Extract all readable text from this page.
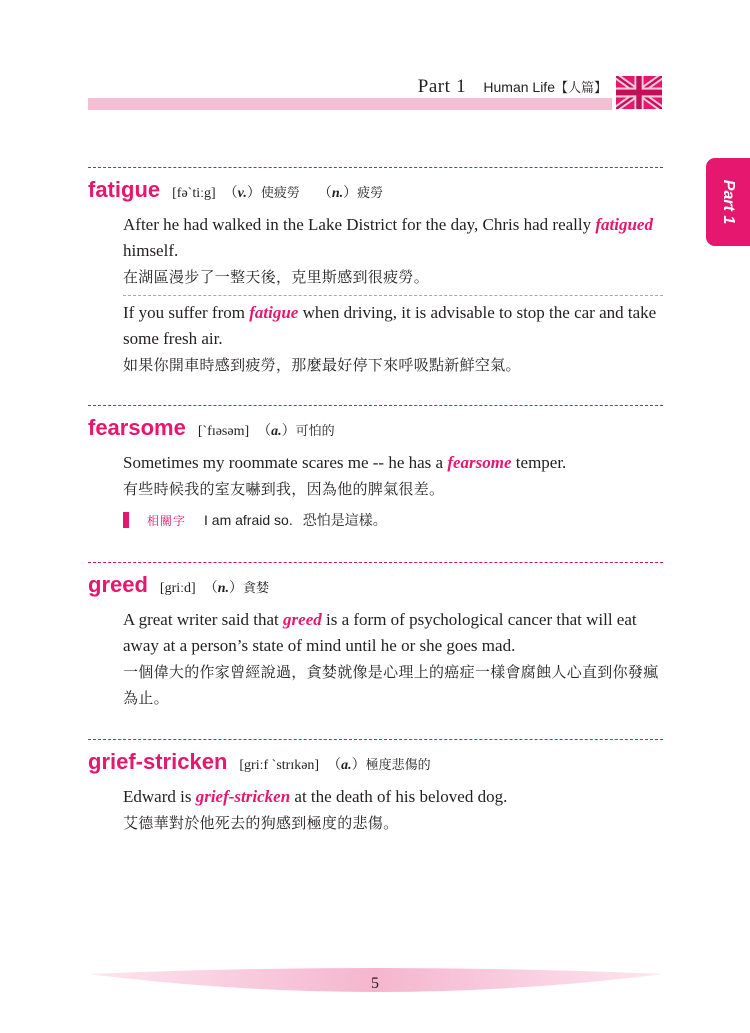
Part 1 Human Life【人篇】
Part 1
fatigue [fəˋtiːg] （v.）使疲勞 （n.）疲勞
After he had walked in the Lake District for the day, Chris had really fatigued himself.
在湖區漫步了一整天後，克里斯感到很疲勞。
If you suffer from fatigue when driving, it is advisable to stop the car and take some fresh air.
如果你開車時感到疲勞，那麼最好停下來呼吸點新鮮空氣。
fearsome [ˋfɪəsəm] （a.）可怕的
Sometimes my roommate scares me -- he has a fearsome temper.
有些時候我的室友嚇到我，因為他的脾氣很差。
相關字 I am afraid so. 恐怕是這樣。
greed [griːd] （n.）貪婪
A great writer said that greed is a form of psychological cancer that will eat away at a person’s state of mind until he or she goes mad.
一個偉大的作家曾經說過，貪婪就像是心理上的癌症一樣會腐蝕人心直到你發瘋為止。
grief-stricken [griːf ˋstrɪkən] （a.）極度悲傷的
Edward is grief-stricken at the death of his beloved dog.
艾德華對於他死去的狗感到極度的悲傷。
5
